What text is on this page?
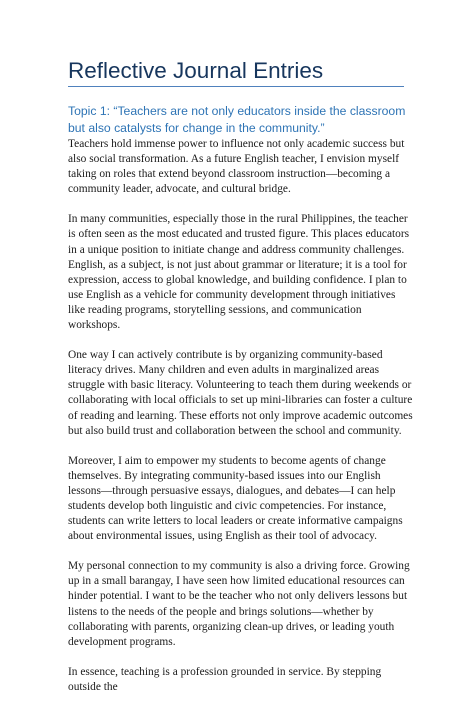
Reflective Journal Entries
Topic 1: “Teachers are not only educators inside the classroom but also catalysts for change in the community.”

Teachers hold immense power to influence not only academic success but also social transformation. As a future English teacher, I envision myself taking on roles that extend beyond classroom instruction—becoming a community leader, advocate, and cultural bridge.

In many communities, especially those in the rural Philippines, the teacher is often seen as the most educated and trusted figure. This places educators in a unique position to initiate change and address community challenges. English, as a subject, is not just about grammar or literature; it is a tool for expression, access to global knowledge, and building confidence. I plan to use English as a vehicle for community development through initiatives like reading programs, storytelling sessions, and communication workshops.

One way I can actively contribute is by organizing community-based literacy drives. Many children and even adults in marginalized areas struggle with basic literacy. Volunteering to teach them during weekends or collaborating with local officials to set up mini-libraries can foster a culture of reading and learning. These efforts not only improve academic outcomes but also build trust and collaboration between the school and community.

Moreover, I aim to empower my students to become agents of change themselves. By integrating community-based issues into our English lessons—through persuasive essays, dialogues, and debates—I can help students develop both linguistic and civic competencies. For instance, students can write letters to local leaders or create informative campaigns about environmental issues, using English as their tool of advocacy.

My personal connection to my community is also a driving force. Growing up in a small barangay, I have seen how limited educational resources can hinder potential. I want to be the teacher who not only delivers lessons but listens to the needs of the people and brings solutions—whether by collaborating with parents, organizing clean-up drives, or leading youth development programs.

In essence, teaching is a profession grounded in service. By stepping outside the
